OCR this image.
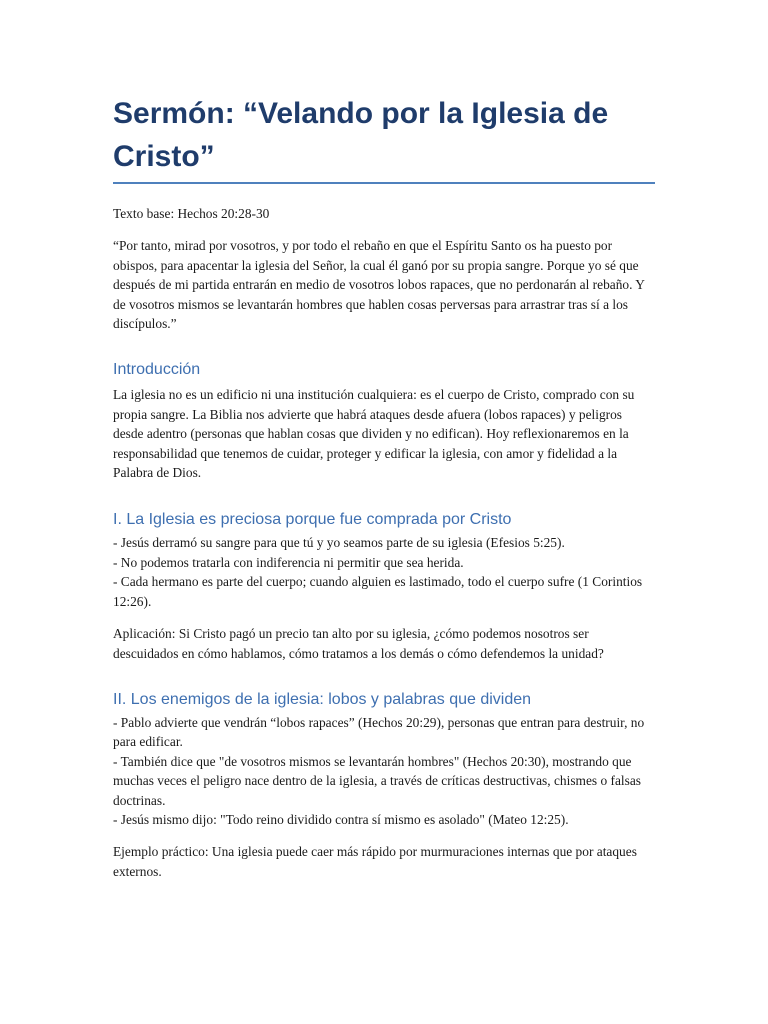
Sermón: “Velando por la Iglesia de Cristo”

Texto base: Hechos 20:28-30

“Por tanto, mirad por vosotros, y por todo el rebaño en que el Espíritu Santo os ha puesto por obispos, para apacentar la iglesia del Señor, la cual él ganó por su propia sangre. Porque yo sé que después de mi partida entrarán en medio de vosotros lobos rapaces, que no perdonarán al rebaño. Y de vosotros mismos se levantarán hombres que hablen cosas perversas para arrastrar tras sí a los discípulos.”

Introducción

La iglesia no es un edificio ni una institución cualquiera: es el cuerpo de Cristo, comprado con su propia sangre. La Biblia nos advierte que habrá ataques desde afuera (lobos rapaces) y peligros desde adentro (personas que hablan cosas que dividen y no edifican). Hoy reflexionaremos en la responsabilidad que tenemos de cuidar, proteger y edificar la iglesia, con amor y fidelidad a la Palabra de Dios.

I. La Iglesia es preciosa porque fue comprada por Cristo

- Jesús derramó su sangre para que tú y yo seamos parte de su iglesia (Efesios 5:25).
- No podemos tratarla con indiferencia ni permitir que sea herida.
- Cada hermano es parte del cuerpo; cuando alguien es lastimado, todo el cuerpo sufre (1 Corintios 12:26).

Aplicación: Si Cristo pagó un precio tan alto por su iglesia, ¿cómo podemos nosotros ser descuidados en cómo hablamos, cómo tratamos a los demás o cómo defendemos la unidad?

II. Los enemigos de la iglesia: lobos y palabras que dividen

- Pablo advierte que vendrán “lobos rapaces” (Hechos 20:29), personas que entran para destruir, no para edificar.
- También dice que "de vosotros mismos se levantarán hombres" (Hechos 20:30), mostrando que muchas veces el peligro nace dentro de la iglesia, a través de críticas destructivas, chismes o falsas doctrinas.
- Jesús mismo dijo: "Todo reino dividido contra sí mismo es asolado" (Mateo 12:25).

Ejemplo práctico: Una iglesia puede caer más rápido por murmuraciones internas que por ataques externos.
